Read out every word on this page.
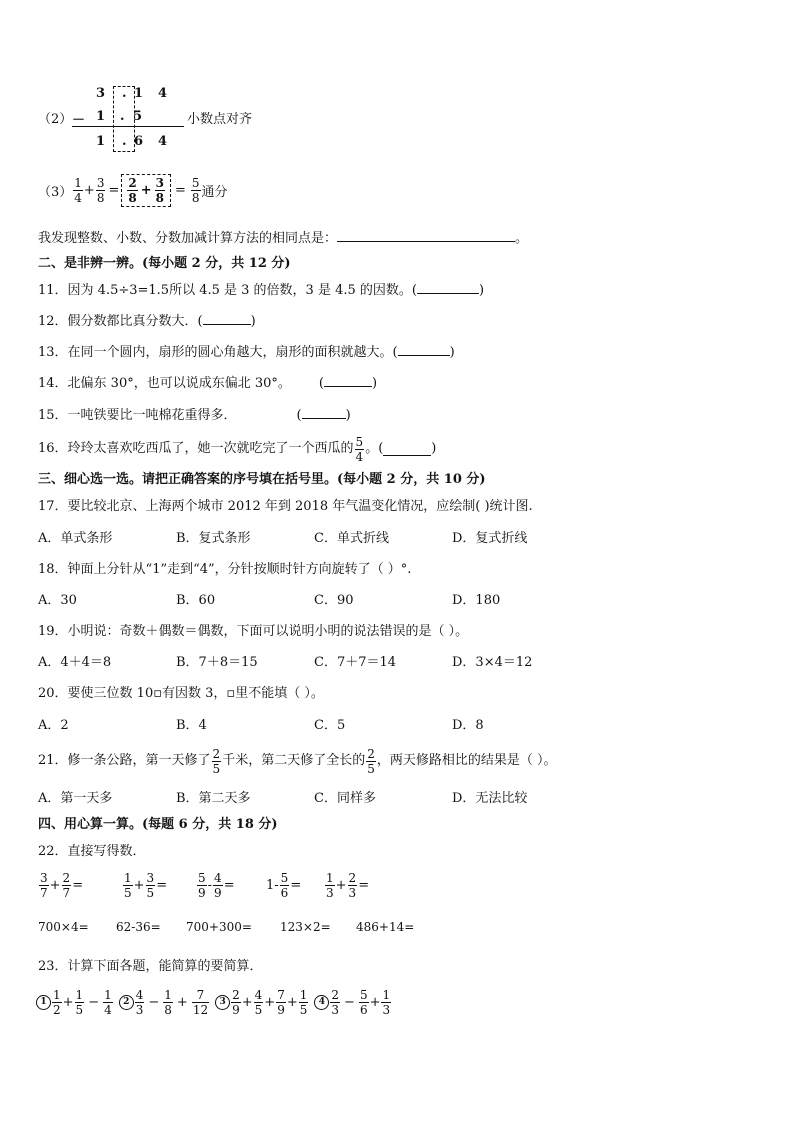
（2）
3 . 1 4
－ 1 . 5	小数点对齐
1 . 6 4
$(3) \frac{1}{4} + \frac{3}{8} = \frac{2}{8} + \frac{3}{8} = \frac{5}{8}$ 通分
我发现整数、小数、分数加减计算方法的相同点是：	。
二、是非辨一辨。(每小题 2 分，共 12 分)
11．因为 4.5÷3=1.5所以 4.5 是 3 的倍数，3 是 4.5 的因数。(	)
12．假分数都比真分数大．(	)
13．在同一个圆内，扇形的圆心角越大，扇形的面积就越大。(	)
14．北偏东 30°，也可以说成东偏北 30°。 (	)
15．一吨铁要比一吨棉花重得多．	(	)
16．玲玲太喜欢吃西瓜了，她一次就吃完了一个西瓜的 $\frac{5}{4}$ 。(	)
三、细心选一选。请把正确答案的序号填在括号里。(每小题 2 分，共 10 分)
17．要比较北京、上海两个城市 2012 年到 2018 年气温变化情况，应绘制( )统计图.
A．单式条形	B．复式条形	C．单式折线	D．复式折线
18．钟面上分针从“1”走到“4”，分针按顺时针方向旋转了（ ）°.
A．30	B．60	C．90	D．180
19．小明说：奇数＋偶数＝偶数，下面可以说明小明的说法错误的是（ ）。
A．4＋4＝8	B．7＋8＝15	C．7＋7＝14	D．3×4＝12
20．要使三位数 10▫有因数 3，▫里不能填（ ）。
A．2	B．4	C．5	D．8
21．修一条公路，第一天修了 $\frac{2}{5}$ 千米，第二天修了全长的 $\frac{2}{5}$ ，两天修路相比的结果是（ ）。
A．第一天多	B．第二天多	C．同样多	D．无法比较
四、用心算一算。(每题 6 分，共 18 分)
22．直接写得数．
$\frac{3}{7} + \frac{2}{7}$ =	$\frac{1}{5} + \frac{3}{5} = \frac{5}{9} - \frac{4}{9} = 1- \frac{5}{6} = \frac{1}{3} + \frac{2}{3}$ =
700×4= 62-36= 700+300= 123×2= 486+14=
23．计算下面各题，能简算的要简算．
$1 \frac{1}{2} + \frac{1}{5} - \frac{1}{4}$	$2 \frac{4}{3} - \frac{1}{8} + \frac{7}{12}$	$3 \frac{2}{9} + \frac{4}{5} + \frac{7}{9} + \frac{1}{5}$	$4 \frac{2}{3} - \frac{5}{6} + \frac{1}{3}$
